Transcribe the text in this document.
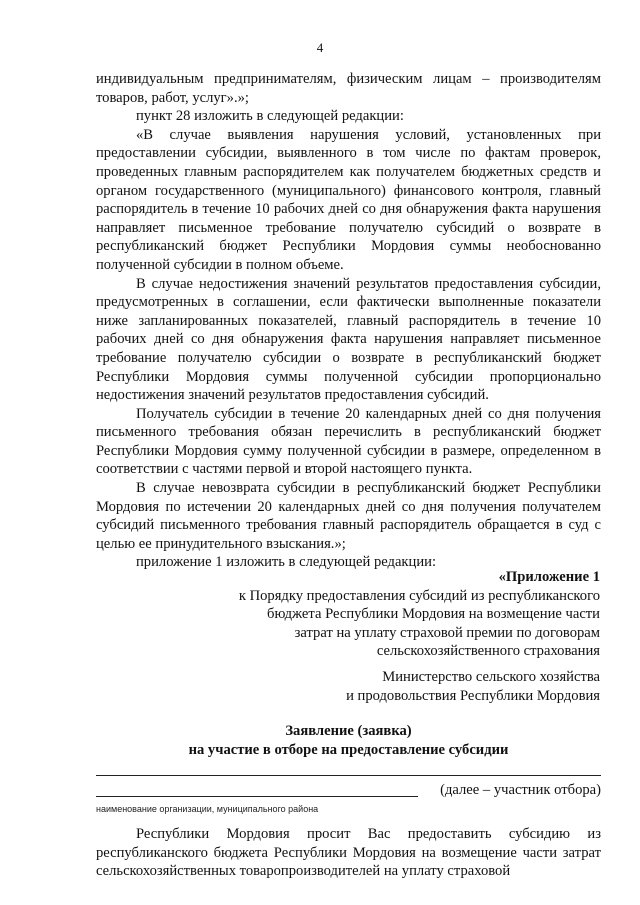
4

индивидуальным предпринимателям, физическим лицам – производителям товаров, работ, услуг».»;

пункт 28 изложить в следующей редакции:

«В случае выявления нарушения условий, установленных при предоставлении субсидии, выявленного в том числе по фактам проверок, проведенных главным распорядителем как получателем бюджетных средств и органом государственного (муниципального) финансового контроля, главный распорядитель в течение 10 рабочих дней со дня обнаружения факта нарушения направляет письменное требование получателю субсидий о возврате в республиканский бюджет Республики Мордовия суммы необоснованно полученной субсидии в полном объеме.

В случае недостижения значений результатов предоставления субсидии, предусмотренных в соглашении, если фактически выполненные показатели ниже запланированных показателей, главный распорядитель в течение 10 рабочих дней со дня обнаружения факта нарушения направляет письменное требование получателю субсидии о возврате в республиканский бюджет Республики Мордовия суммы полученной субсидии пропорционально недостижения значений результатов предоставления субсидий.

Получатель субсидии в течение 20 календарных дней со дня получения письменного требования обязан перечислить в республиканский бюджет Республики Мордовия сумму полученной субсидии в размере, определенном в соответствии с частями первой и второй настоящего пункта.

В случае невозврата субсидии в республиканский бюджет Республики Мордовия по истечении 20 календарных дней со дня получения получателем субсидий письменного требования главный распорядитель обращается в суд с целью ее принудительного взыскания.»;

приложение 1 изложить в следующей редакции:

«Приложение 1
к Порядку предоставления субсидий из республиканского
бюджета Республики Мордовия на возмещение части
затрат на уплату страховой премии по договорам
сельскохозяйственного страхования
Министерство сельского хозяйства
и продовольствия Республики Мордовия
Заявление (заявка)
на участие в отборе на предоставление субсидии
(далее – участник отбора)
наименование организации, муниципального района

Республики Мордовия просит Вас предоставить субсидию из республиканского бюджета Республики Мордовия на возмещение части затрат сельскохозяйственных товаропроизводителей на уплату страховой
